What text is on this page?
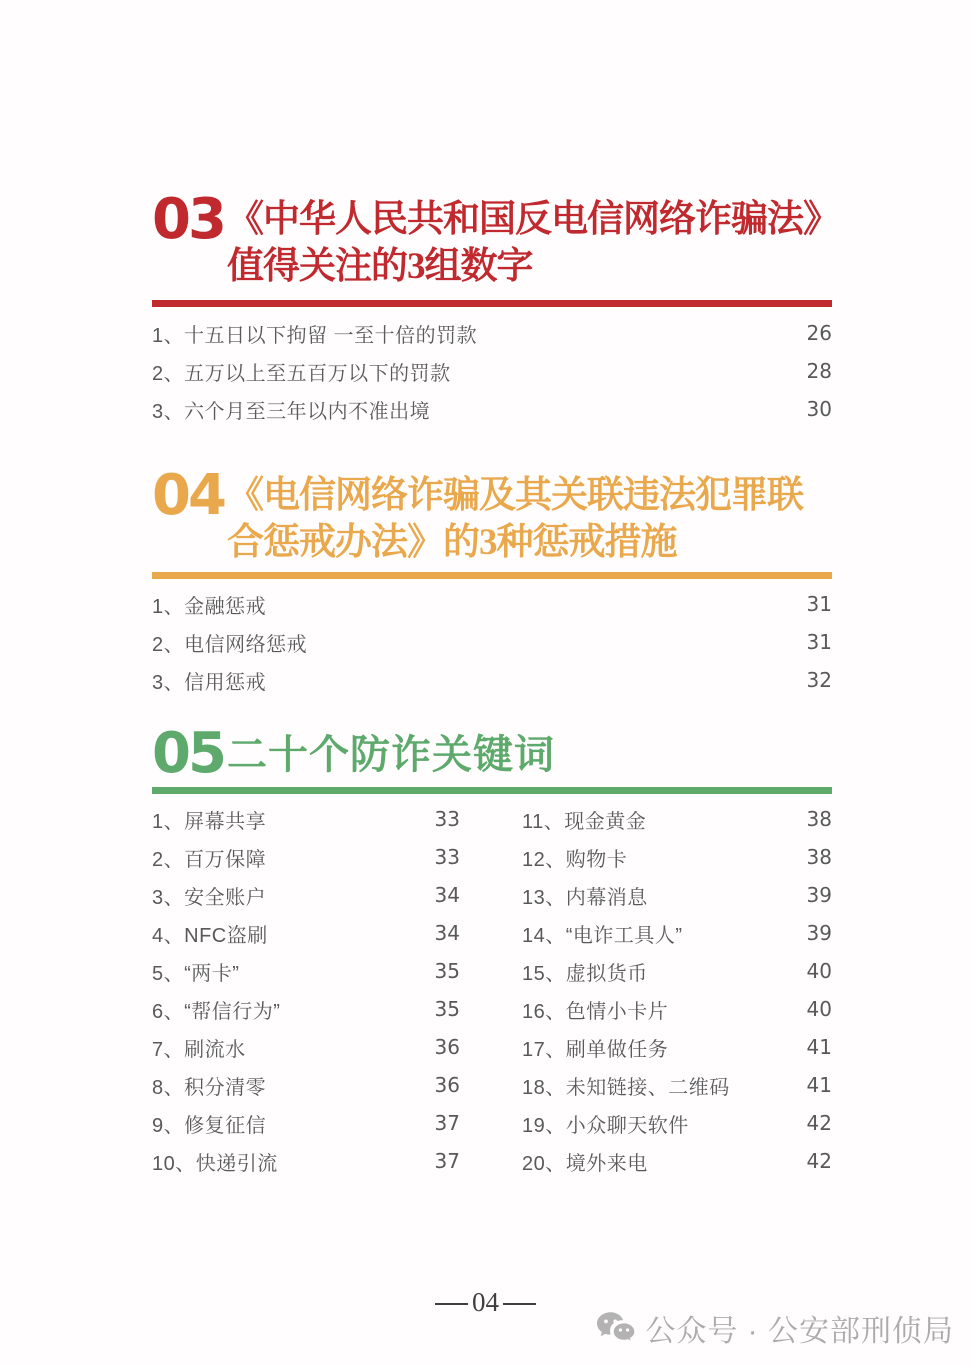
03 《中华人民共和国反电信网络诈骗法》
值得关注的3组数字
1、十五日以下拘留 一至十倍的罚款	26
2、五万以上至五百万以下的罚款	28
3、六个月至三年以内不准出境	30
04 《电信网络诈骗及其关联违法犯罪联
合惩戒办法》的3种惩戒措施
1、金融惩戒	31
2、电信网络惩戒	31
3、信用惩戒	32
05 二十个防诈关键词
1、屏幕共享	33
2、百万保障	33
3、安全账户	34
4、NFC盗刷	34
5、“两卡”	35
6、“帮信行为”	35
7、刷流水	36
8、积分清零	36
9、修复征信	37
10、快递引流	37
11、现金黄金	38
12、购物卡	38
13、内幕消息	39
14、“电诈工具人”	39
15、虚拟货币	40
16、色情小卡片	40
17、刷单做任务	41
18、未知链接、二维码	41
19、小众聊天软件	42
20、境外来电	42
04
公众号 · 公安部刑侦局
